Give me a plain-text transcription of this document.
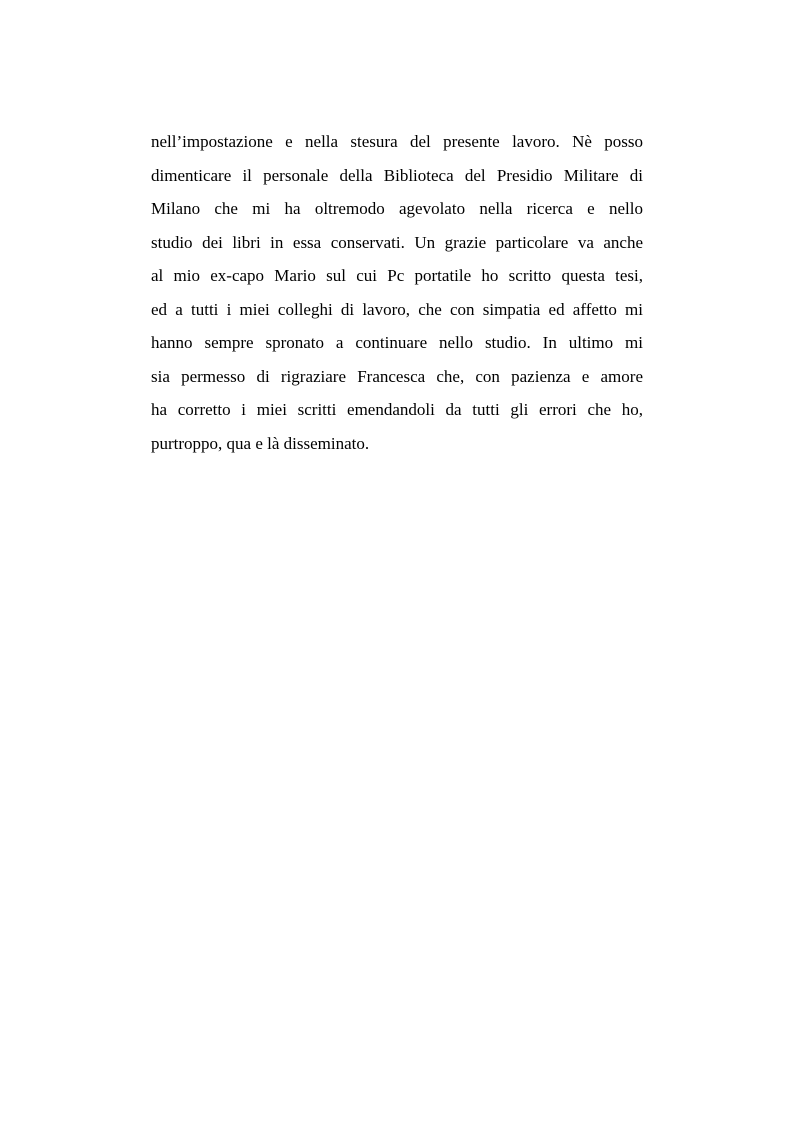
nell’impostazione e nella stesura del presente lavoro. Nè posso
dimenticare il personale della Biblioteca del Presidio Militare di
Milano che mi ha oltremodo agevolato nella ricerca e nello
studio dei libri in essa conservati. Un grazie particolare va anche
al mio ex-capo Mario sul cui Pc portatile ho scritto questa tesi,
ed a tutti i miei colleghi di lavoro, che con simpatia ed affetto mi
hanno sempre spronato a continuare nello studio. In ultimo mi
sia permesso di rigraziare Francesca che, con pazienza e amore
ha corretto i miei scritti emendandoli da tutti gli errori che ho,
purtroppo, qua e là disseminato.
